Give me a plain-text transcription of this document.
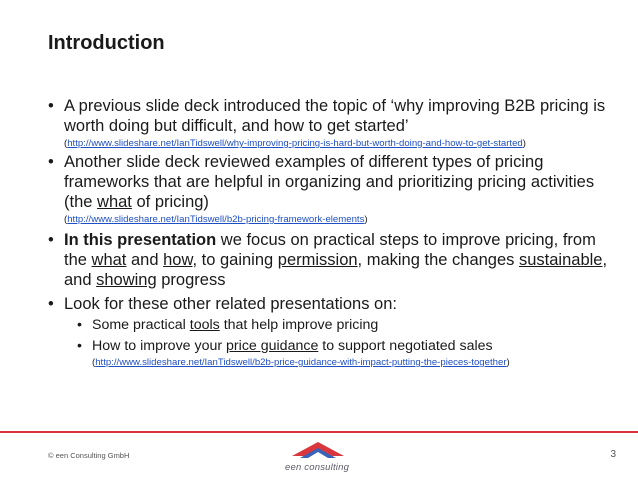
Introduction
• A previous slide deck introduced the topic of ‘why improving B2B pricing is worth doing but difficult, and how to get started’
(http://www.slideshare.net/IanTidswell/why-improving-pricing-is-hard-but-worth-doing-and-how-to-get-started)
• Another slide deck reviewed examples of different types of pricing frameworks that are helpful in organizing and prioritizing pricing activities (the what of pricing)
(http://www.slideshare.net/IanTidswell/b2b-pricing-framework-elements)
• In this presentation we focus on practical steps to improve pricing, from the what and how, to gaining permission, making the changes sustainable, and showing progress
• Look for these other related presentations on:
• Some practical tools that help improve pricing
• How to improve your price guidance to support negotiated sales
(http://www.slideshare.net/IanTidswell/b2b-price-guidance-with-impact-putting-the-pieces-together)
© een Consulting GmbH
een consulting
3
